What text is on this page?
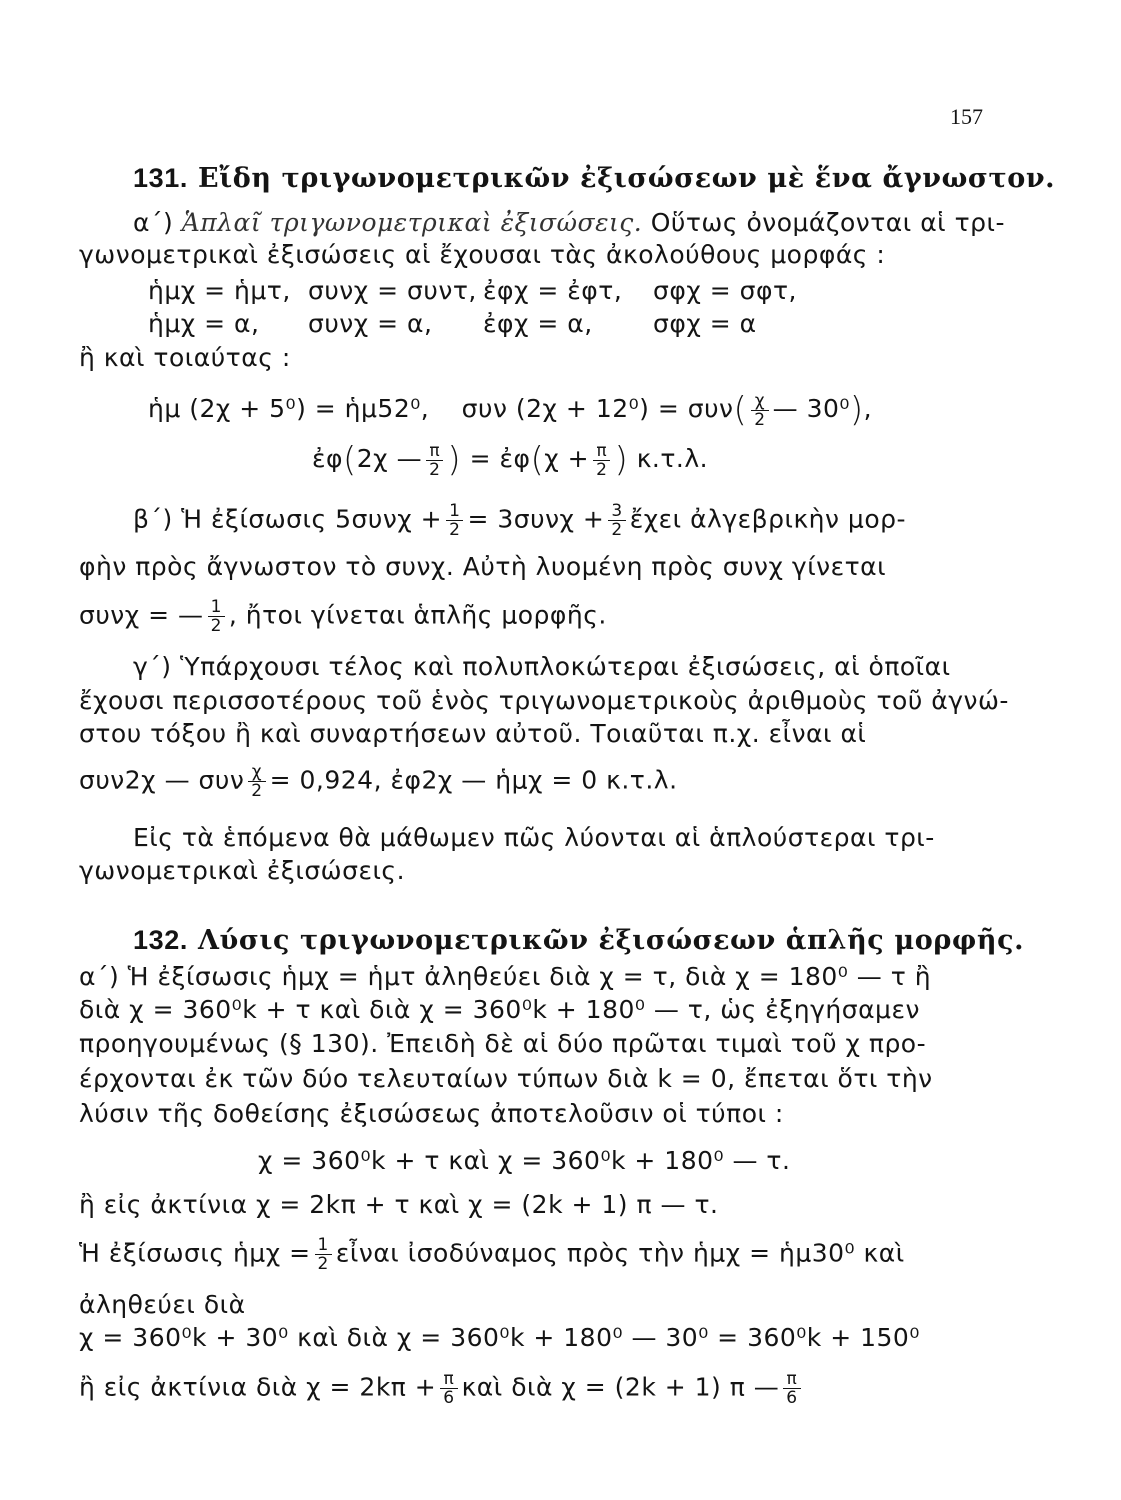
157
131. Εἴδη τριγωνομετρικῶν ἐξισώσεων μὲ ἕνα ἄγνωστον.
α΄) Ἁπλαῖ τριγωνομετρικαὶ ἐξισώσεις. Οὕτως ὀνομάζονται αἱ τρι-
γωνομετρικαὶ ἐξισώσεις αἱ ἔχουσαι τὰς ἀκολούθους μορφάς :
ἡμχ = ἡμτ, συνχ = συντ, ἐφχ = ἐφτ, σφχ = σφτ,
ἡμχ = α, συνχ = α, ἐφχ = α, σφχ = α
ἢ καὶ τοιαύτας :
ἡμ (2χ + 5⁰) = ἡμ52⁰, συν $(2\chi + 12^0) = \sigma\upsilon\nu( \frac{\chi}{2}$ — 30⁰),
ἐφ(2χ — $\frac{\pi}{2}$ ) = ἐφ(χ + $\frac{\pi}{2}$ ) κ.τ.λ.
β΄) Ἡ ἐξίσωσις $5\sigma\upsilon\nu\chi + \frac{1}{2} = 3\sigma\upsilon\nu\chi + \frac{3}{2}$ ἔχει ἀλγεβρικὴν μορ-
φὴν πρὸς ἄγνωστον τὸ συνχ. Αὐτὴ λυομένη πρὸς συνχ γίνεται
συνχ = — $\frac{1}{2}$ , ἤτοι γίνεται ἁπλῆς μορφῆς.
γ΄) Ὑπάρχουσι τέλος καὶ πολυπλοκώτεραι ἐξισώσεις, αἱ ὁποῖαι
ἔχουσι περισσοτέρους τοῦ ἑνὸς τριγωνομετρικοὺς ἀριθμοὺς τοῦ ἀγνώ-
στου τόξου ἢ καὶ συναρτήσεων αὐτοῦ. Τοιαῦται π.χ. εἶναι αἱ
συν2χ — συν $\frac{\chi}{2} = 0,924$, ἐφ2χ — ἡμχ = 0 κ.τ.λ.
Εἰς τὰ ἑπόμενα θὰ μάθωμεν πῶς λύονται αἱ ἁπλούστεραι τρι-
γωνομετρικαὶ ἐξισώσεις.
132. Λύσις τριγωνομετρικῶν ἐξισώσεων ἁπλῆς μορφῆς.
α΄) Ἡ ἐξίσωσις ἡμχ = ἡμτ ἀληθεύει διὰ χ = τ, διὰ χ = 180⁰ — τ ἢ
διὰ χ = 360⁰k + τ καὶ διὰ χ = 360⁰k + 180⁰ — τ, ὡς ἐξηγήσαμεν
προηγουμένως (§ 130). Ἐπειδὴ δὲ αἱ δύο πρῶται τιμαὶ τοῦ χ προ-
έρχονται ἐκ τῶν δύο τελευταίων τύπων διὰ k = 0, ἔπεται ὅτι τὴν
λύσιν τῆς δοθείσης ἐξισώσεως ἀποτελοῦσιν οἱ τύποι :
χ = 360⁰k + τ καὶ χ = 360⁰k + 180⁰ — τ.
ἢ εἰς ἀκτίνια χ = 2kπ + τ καὶ χ = (2k + 1) π — τ.
Ἡ ἐξίσωσις ἡμχ = $\frac{1}{2}$ εἶναι ἰσοδύναμος πρὸς τὴν ἡμχ = ἡμ30⁰ καὶ
ἀληθεύει διὰ
χ = 360⁰k + 30⁰ καὶ διὰ χ = 360⁰k + 180⁰ — 30⁰ = 360⁰k + 150⁰
ἢ εἰς ἀκτίνια διὰ $\chi = 2k\pi + \frac{\pi}{6}$ καὶ διὰ χ = (2k + 1) π — $\frac{\pi}{6}$
